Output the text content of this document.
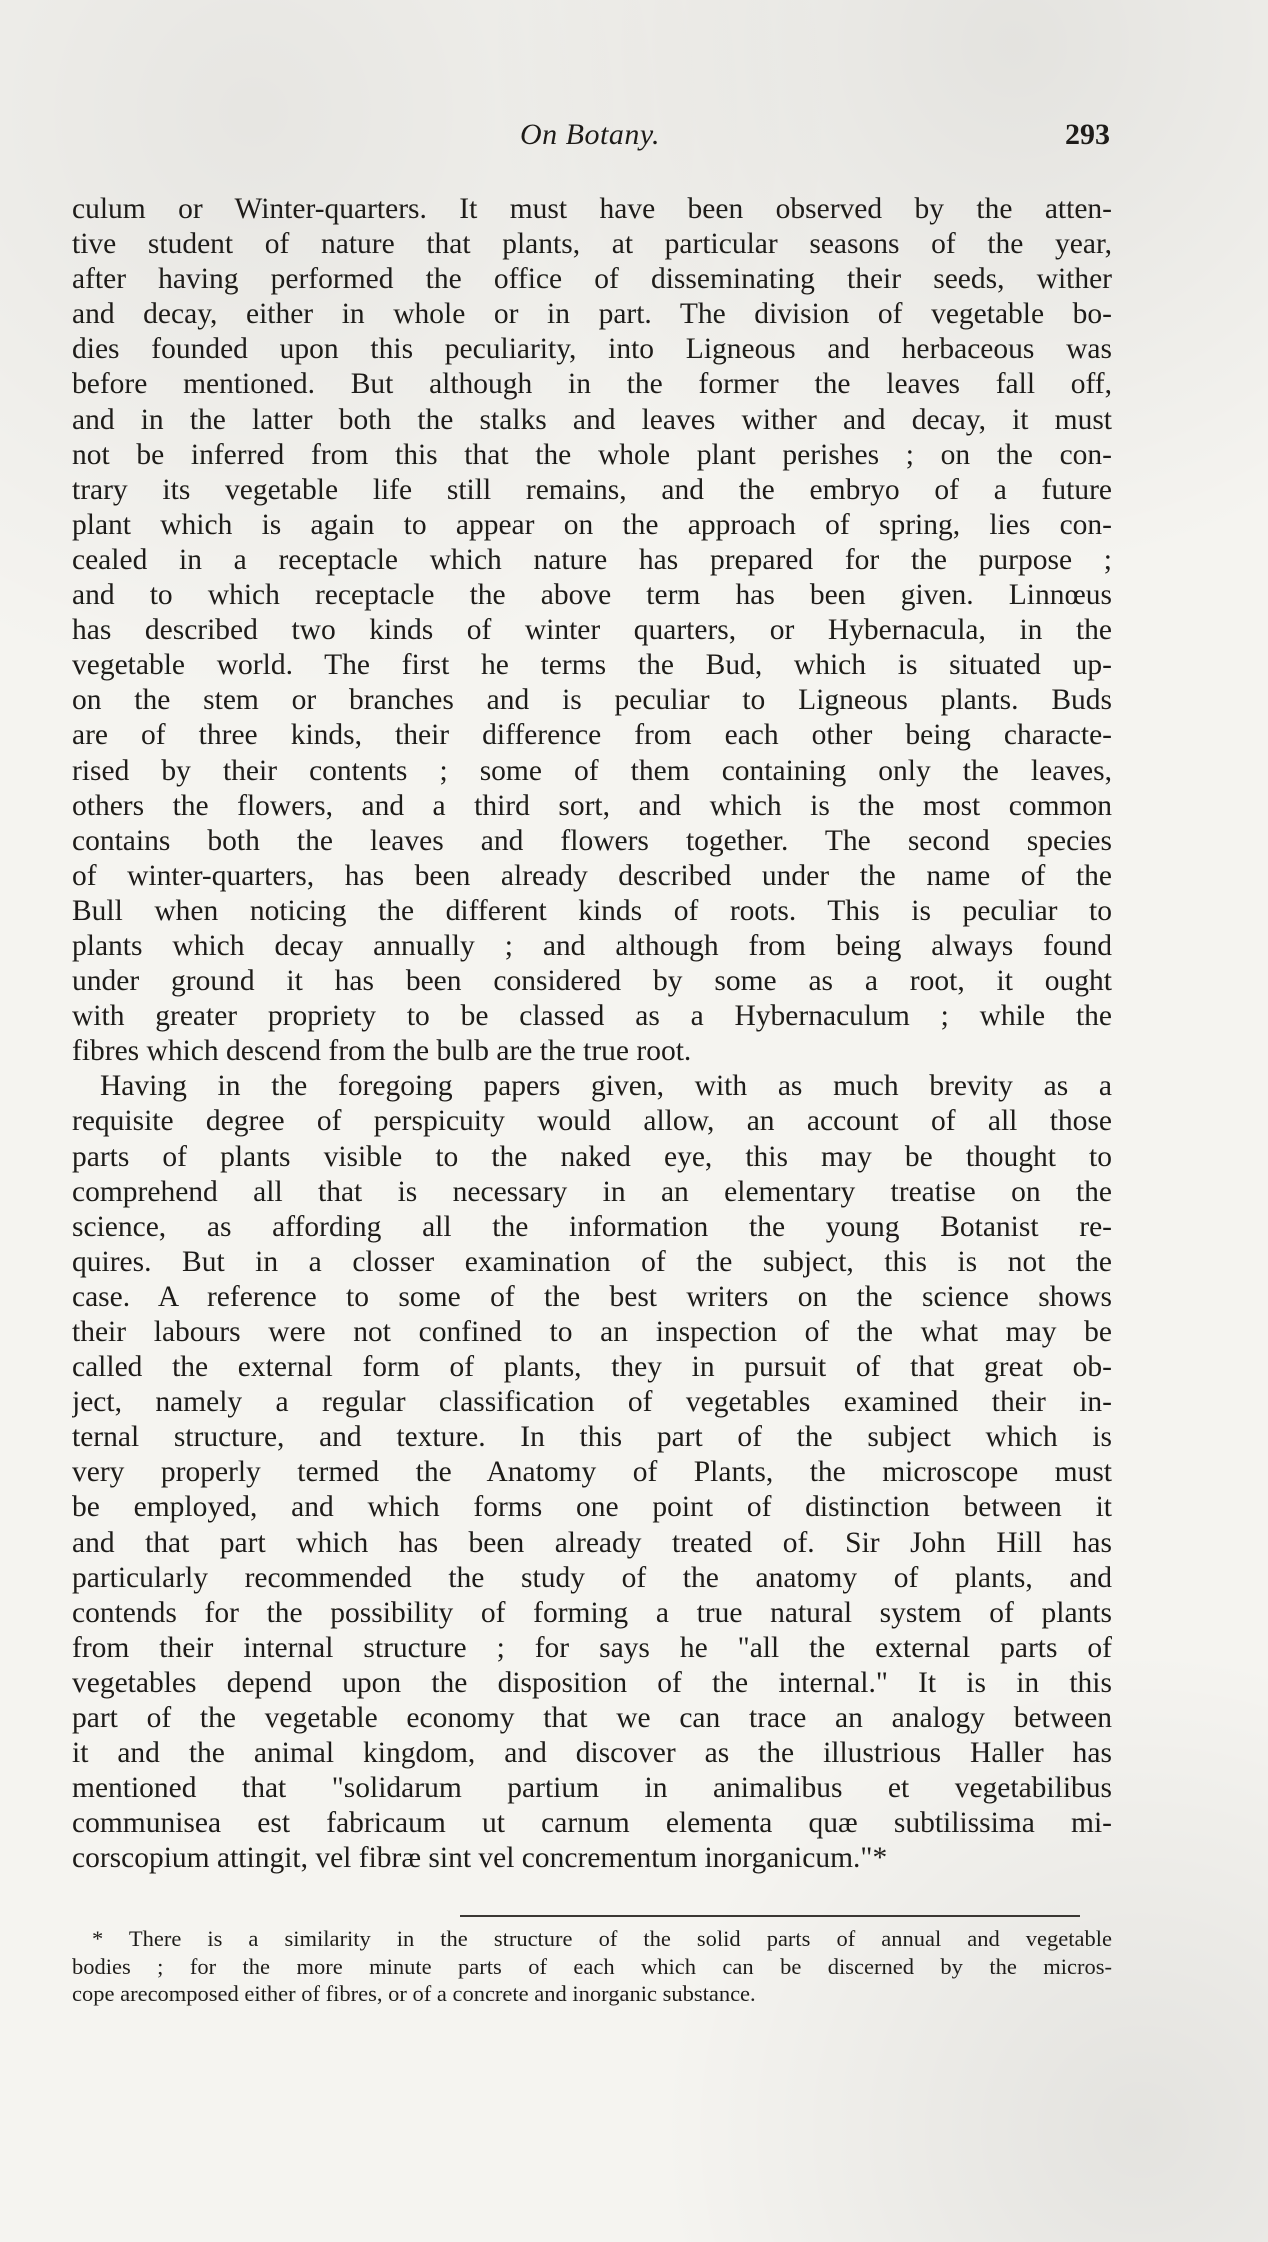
On Botany.	293
culum or Winter-quarters. It must have been observed by the atten-
tive student of nature that plants, at particular seasons of the year,
after having performed the office of disseminating their seeds, wither
and decay, either in whole or in part. The division of vegetable bo-
dies founded upon this peculiarity, into Ligneous and herbaceous was
before mentioned. But although in the former the leaves fall off,
and in the latter both the stalks and leaves wither and decay, it must
not be inferred from this that the whole plant perishes ; on the con-
trary its vegetable life still remains, and the embryo of a future
plant which is again to appear on the approach of spring, lies con-
cealed in a receptacle which nature has prepared for the purpose ;
and to which receptacle the above term has been given. Linnœus
has described two kinds of winter quarters, or Hybernacula, in the
vegetable world. The first he terms the Bud, which is situated up-
on the stem or branches and is peculiar to Ligneous plants. Buds
are of three kinds, their difference from each other being characte-
rised by their contents ; some of them containing only the leaves,
others the flowers, and a third sort, and which is the most common
contains both the leaves and flowers together. The second species
of winter-quarters, has been already described under the name of the
Bull when noticing the different kinds of roots. This is peculiar to
plants which decay annually ; and although from being always found
under ground it has been considered by some as a root, it ought
with greater propriety to be classed as a Hybernaculum ; while the
fibres which descend from the bulb are the true root.
Having in the foregoing papers given, with as much brevity as a
requisite degree of perspicuity would allow, an account of all those
parts of plants visible to the naked eye, this may be thought to
comprehend all that is necessary in an elementary treatise on the
science, as affording all the information the young Botanist re-
quires. But in a closser examination of the subject, this is not the
case. A reference to some of the best writers on the science shows
their labours were not confined to an inspection of the what may be
called the external form of plants, they in pursuit of that great ob-
ject, namely a regular classification of vegetables examined their in-
ternal structure, and texture. In this part of the subject which is
very properly termed the Anatomy of Plants, the microscope must
be employed, and which forms one point of distinction between it
and that part which has been already treated of. Sir John Hill has
particularly recommended the study of the anatomy of plants, and
contends for the possibility of forming a true natural system of plants
from their internal structure ; for says he "all the external parts of
vegetables depend upon the disposition of the internal." It is in this
part of the vegetable economy that we can trace an analogy between
it and the animal kingdom, and discover as the illustrious Haller has
mentioned that "solidarum partium in animalibus et vegetabilibus
communisea est fabricaum ut carnum elementa quæ subtilissima mi-
corscopium attingit, vel fibræ sint vel concrementum inorganicum."*
* There is a similarity in the structure of the solid parts of annual and vegetable
bodies ; for the more minute parts of each which can be discerned by the micros-
cope arecomposed either of fibres, or of a concrete and inorganic substance.
